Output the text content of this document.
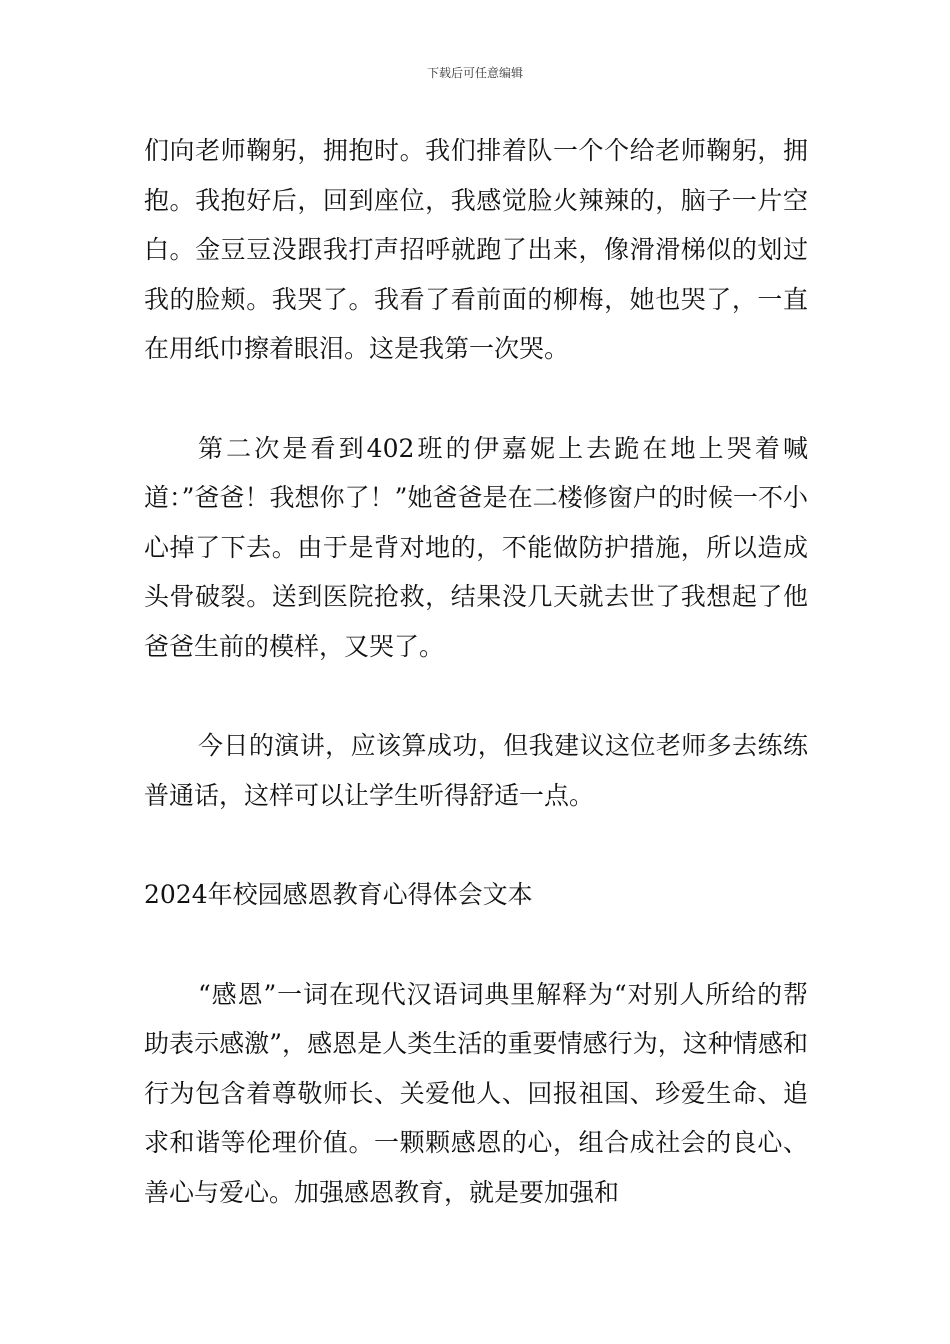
下载后可任意编辑

们向老师鞠躬，拥抱时。我们排着队一个个给老师鞠躬，拥抱。我抱好后，回到座位，我感觉脸火辣辣的，脑子一片空白。金豆豆没跟我打声招呼就跑了出来，像滑滑梯似的划过我的脸颊。我哭了。我看了看前面的柳梅，她也哭了，一直在用纸巾擦着眼泪。这是我第一次哭。

第二次是看到402班的伊嘉妮上去跪在地上哭着喊道：”爸爸！我想你了！”她爸爸是在二楼修窗户的时候一不小心掉了下去。由于是背对地的，不能做防护措施，所以造成头骨破裂。送到医院抢救，结果没几天就去世了我想起了他爸爸生前的模样，又哭了。

今日的演讲，应该算成功，但我建议这位老师多去练练普通话，这样可以让学生听得舒适一点。

2024年校园感恩教育心得体会文本

“感恩”一词在现代汉语词典里解释为“对别人所给的帮助表示感激”，感恩是人类生活的重要情感行为，这种情感和行为包含着尊敬师长、关爱他人、回报祖国、珍爱生命、追求和谐等伦理价值。一颗颗感恩的心，组合成社会的良心、善心与爱心。加强感恩教育，就是要加强和
